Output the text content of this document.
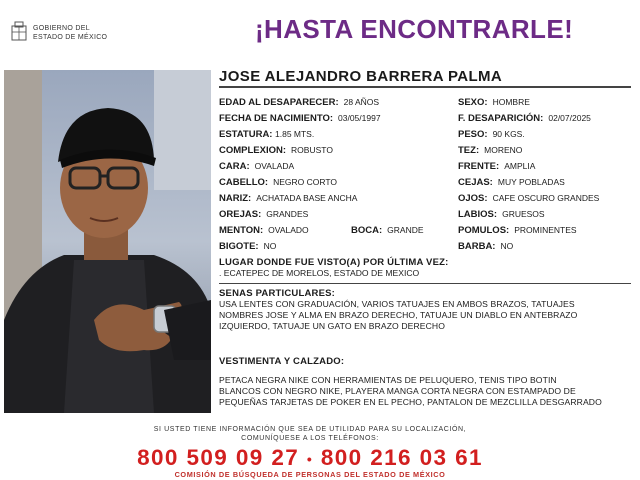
GOBIERNO DEL
ESTADO DE MÉXICO	¡HASTA ENCONTRARLE!
JOSE ALEJANDRO BARRERA PALMA
EDAD AL DESAPARECER: 28 AÑOS
FECHA DE NACIMIENTO: 03/05/1997
ESTATURA: 1.85 MTS.
COMPLEXION: ROBUSTO
CARA: OVALADA
CABELLO: NEGRO CORTO
NARIZ: ACHATADA BASE ANCHA
OREJAS: GRANDES
MENTON: OVALADO
BIGOTE: NO
BOCA: GRANDE
SEXO: HOMBRE
F. DESAPARICIÓN: 02/07/2025
PESO: 90 KGS.
TEZ: MORENO
FRENTE: AMPLIA
CEJAS: MUY POBLADAS
OJOS: CAFE OSCURO GRANDES
LABIOS: GRUESOS
POMULOS: PROMINENTES
BARBA: NO
LUGAR DONDE FUE VISTO(A) POR ÚLTIMA VEZ:
. ECATEPEC DE MORELOS, ESTADO DE MEXICO
SENAS PARTICULARES:
USA LENTES CON GRADUACIÓN, VARIOS TATUAJES EN AMBOS BRAZOS, TATUAJES
NOMBRES JOSE Y ALMA EN BRAZO DERECHO, TATUAJE UN DIABLO EN ANTEBRAZO
IZQUIERDO, TATUAJE UN GATO EN BRAZO DERECHO
VESTIMENTA Y CALZADO:
PETACA NEGRA NIKE CON HERRAMIENTAS DE PELUQUERO, TENIS TIPO BOTIN
BLANCOS CON NEGRO NIKE, PLAYERA MANGA CORTA NEGRA CON ESTAMPADO DE
PEQUEÑAS TARJETAS DE POKER EN EL PECHO, PANTALON DE MEZCLILLA DESGARRADO
SI USTED TIENE INFORMACIÓN QUE SEA DE UTILIDAD PARA SU LOCALIZACIÓN,
COMUNÍQUESE A LOS TELÉFONOS:
800 509 09 27 • 800 216 03 61
COMISIÓN DE BÚSQUEDA DE PERSONAS DEL ESTADO DE MÉXICO
